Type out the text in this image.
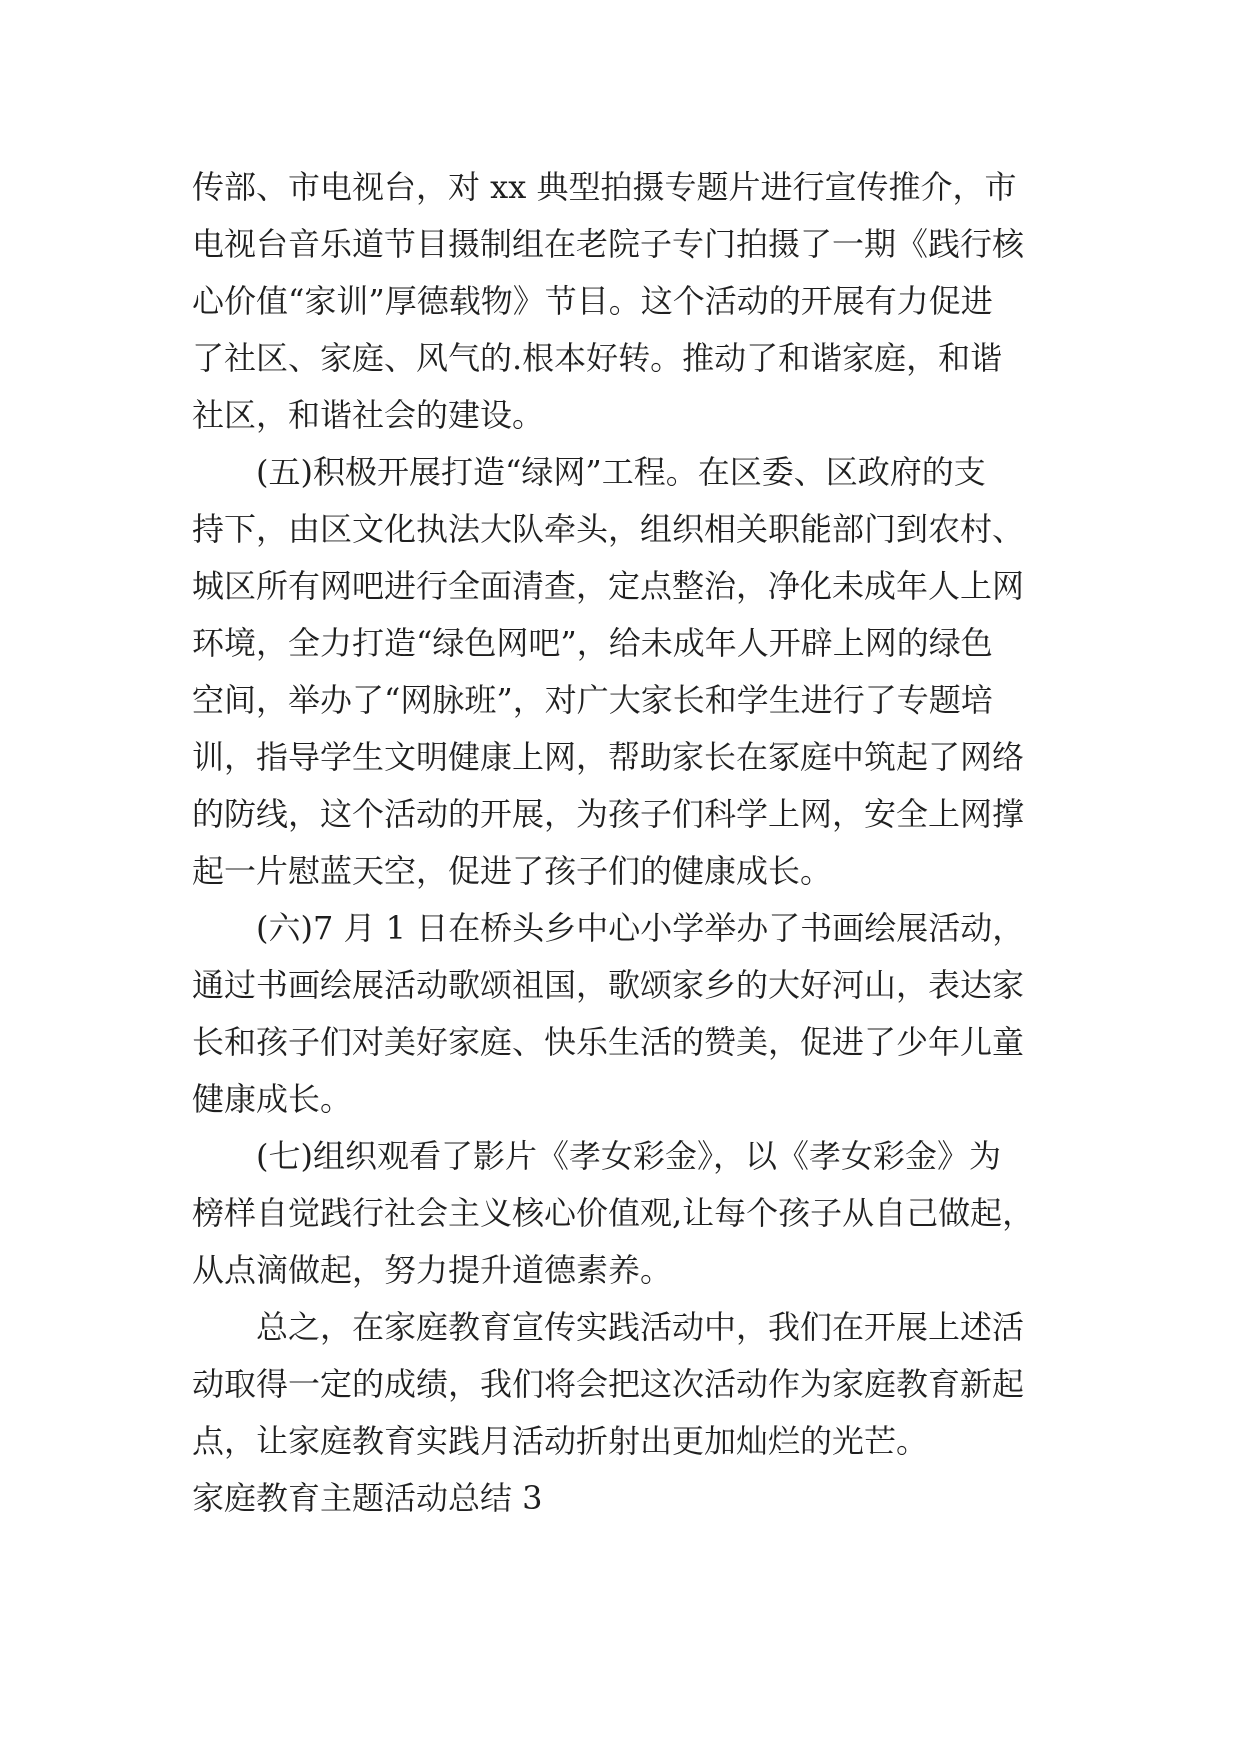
传部、市电视台，对 xx 典型拍摄专题片进行宣传推介，市
电视台音乐道节目摄制组在老院子专门拍摄了一期《践行核
心价值“家训”厚德载物》节目。这个活动的开展有力促进
了社区、家庭、风气的.根本好转。推动了和谐家庭，和谐
社区，和谐社会的建设。
(五)积极开展打造“绿网”工程。在区委、区政府的支
持下，由区文化执法大队牵头，组织相关职能部门到农村、
城区所有网吧进行全面清查，定点整治，净化未成年人上网
环境，全力打造“绿色网吧”，给未成年人开辟上网的绿色
空间，举办了“网脉班”，对广大家长和学生进行了专题培
训，指导学生文明健康上网，帮助家长在冢庭中筑起了网络
的防线，这个活动的开展，为孩子们科学上网，安全上网撑
起一片慰蓝天空，促进了孩子们的健康成长。
(六)7 月 1 日在桥头乡中心小学举办了书画绘展活动，
通过书画绘展活动歌颂祖国，歌颂家乡的大好河山，表达家
长和孩子们对美好家庭、快乐生活的赞美，促进了少年儿童
健康成长。
(七)组织观看了影片《孝女彩金》，以《孝女彩金》为
榜样自觉践行社会主义核心价值观,让每个孩子从自己做起，
从点滴做起，努力提升道德素养。
总之，在家庭教育宣传实践活动中，我们在开展上述活
动取得一定的成绩，我们将会把这次活动作为家庭教育新起
点，让家庭教育实践月活动折射出更加灿烂的光芒。
家庭教育主题活动总结 3
